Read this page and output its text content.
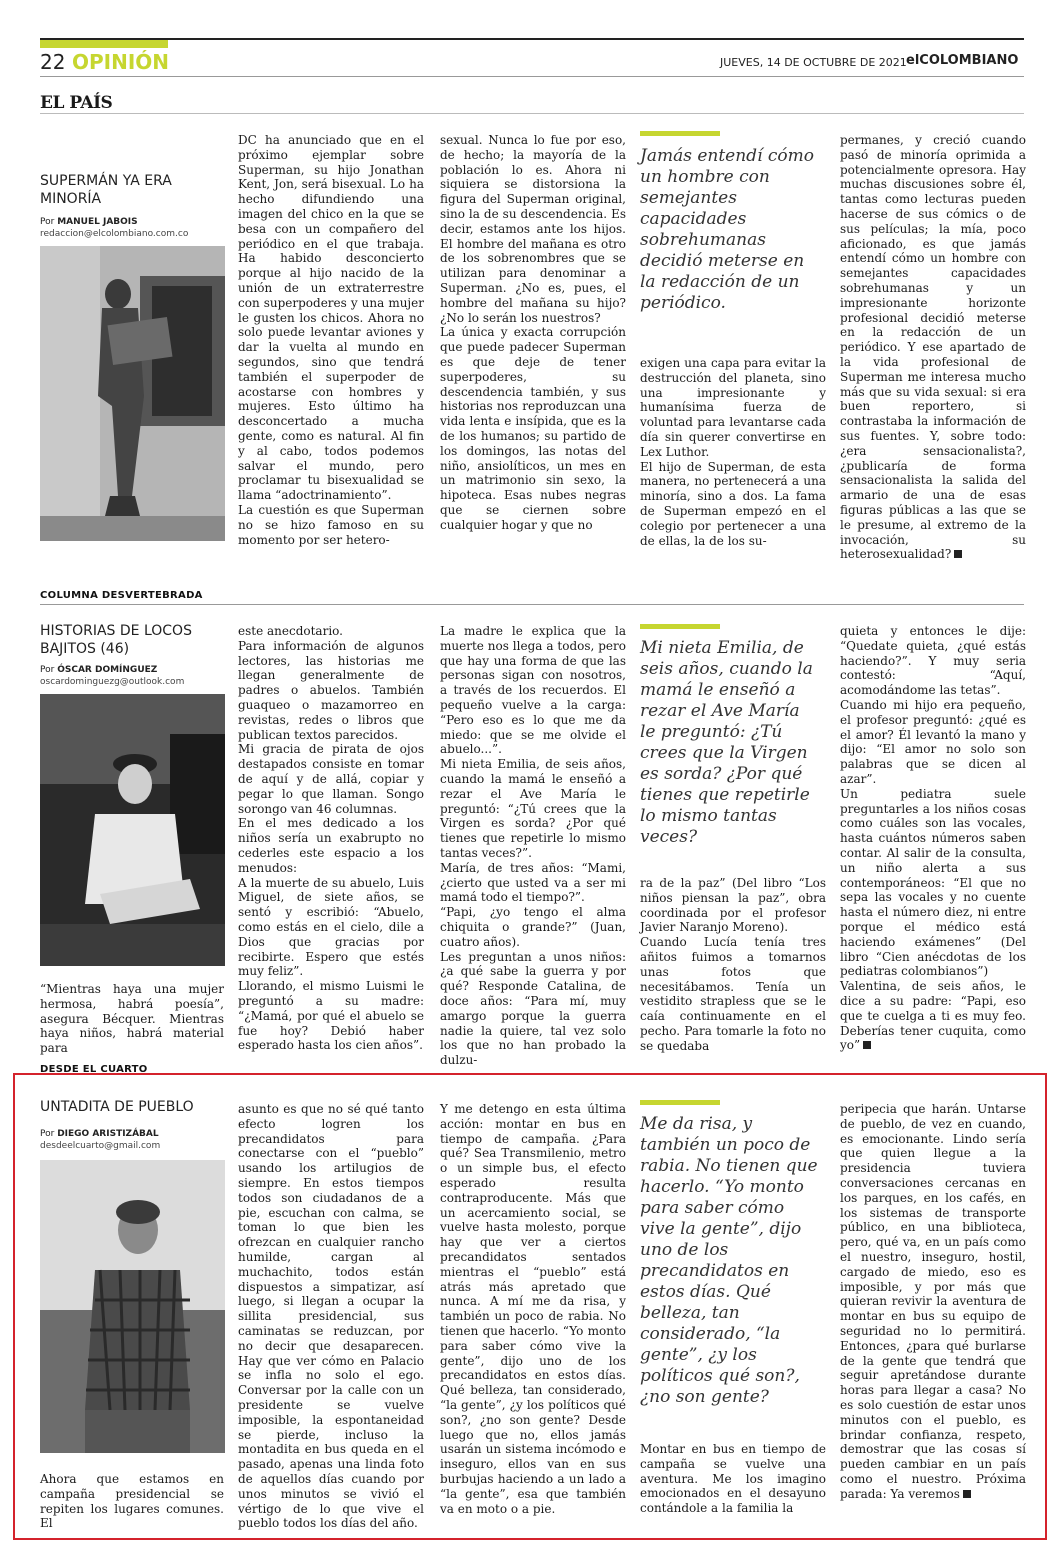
22 OPINIÓN	JUEVES, 14 DE OCTUBRE DE 2021 elCOLOMBIANO
EL PAÍS
SUPERMÁN YA ERA MINORÍA
Por MANUEL JABOIS
redaccion@elcolombiano.com.co
DC ha anunciado que en el próximo ejemplar sobre Superman, su hijo Jonathan Kent, Jon, será bisexual. Lo ha hecho difundiendo una imagen del chico en la que se besa con un compañero del periódico en el que trabaja. Ha habido desconcierto porque al hijo nacido de la unión de un extraterrestre con superpoderes y una mujer le gusten los chicos. Ahora no solo puede levantar aviones y dar la vuelta al mundo en segundos, sino que tendrá también el superpoder de acostarse con hombres y mujeres. Esto último ha desconcertado a mucha gente, como es natural. Al fin y al cabo, todos podemos salvar el mundo, pero proclamar tu bisexualidad se llama “adoctrinamiento”.
La cuestión es que Superman no se hizo famoso en su momento por ser hetero-
sexual. Nunca lo fue por eso, de hecho; la mayoría de la población lo es. Ahora ni siquiera se distorsiona la figura del Superman original, sino la de su descendencia. Es decir, estamos ante los hijos. El hombre del mañana es otro de los sobrenombres que se utilizan para denominar a Superman. ¿No es, pues, el hombre del mañana su hijo? ¿No lo serán los nuestros?
La única y exacta corrupción que puede padecer Superman es que deje de tener superpoderes, su descendencia también, y sus historias nos reproduzcan una vida lenta e insípida, que es la de los humanos; su partido de los domingos, las notas del niño, ansiolíticos, un mes en un matrimonio sin sexo, la hipoteca. Esas nubes negras que se ciernen sobre cualquier hogar y que no
Jamás entendí cómo un hombre con semejantes capacidades sobrehumanas decidió meterse en la redacción de un periódico.
exigen una capa para evitar la destrucción del planeta, sino una impresionante y humanísima fuerza de voluntad para levantarse cada día sin querer convertirse en Lex Luthor.
El hijo de Superman, de esta manera, no pertenecerá a una minoría, sino a dos. La fama de Superman empezó en el colegio por pertenecer a una de ellas, la de los su-
permanes, y creció cuando pasó de minoría oprimida a potencialmente opresora. Hay muchas discusiones sobre él, tantas como lecturas pueden hacerse de sus cómics o de sus películas; la mía, poco aficionado, es que jamás entendí cómo un hombre con semejantes capacidades sobrehumanas y un impresionante horizonte profesional decidió meterse en la redacción de un periódico. Y ese apartado de la vida profesional de Superman me interesa mucho más que su vida sexual: si era buen reportero, si contrastaba la información de sus fuentes. Y, sobre todo: ¿era sensacionalista?, ¿publicaría de forma sensacionalista la salida del armario de una de esas figuras públicas a las que se le presume, al extremo de la invocación, su heterosexualidad?
COLUMNA DESVERTEBRADA
HISTORIAS DE LOCOS BAJITOS (46)
Por ÓSCAR DOMÍNGUEZ
oscardominguezg@outlook.com
“Mientras haya una mujer hermosa, habrá poesía”, asegura Bécquer. Mientras haya niños, habrá material para
este anecdotario.
Para información de algunos lectores, las historias me llegan generalmente de padres o abuelos. También guaqueo o mazamorreo en revistas, redes o libros que publican textos parecidos.
Mi gracia de pirata de ojos destapados consiste en tomar de aquí y de allá, copiar y pegar lo que llaman. Songo sorongo van 46 columnas.
En el mes dedicado a los niños sería un exabrupto no cederles este espacio a los menudos:
A la muerte de su abuelo, Luis Miguel, de siete años, se sentó y escribió: “Abuelo, como estás en el cielo, dile a Dios que gracias por recibirte. Espero que estés muy feliz”.
Llorando, el mismo Luismi le preguntó a su madre: “¿Mamá, por qué el abuelo se fue hoy? Debió haber esperado hasta los cien años”.
La madre le explica que la muerte nos llega a todos, pero que hay una forma de que las personas sigan con nosotros, a través de los recuerdos. El pequeño vuelve a la carga: “Pero eso es lo que me da miedo: que se me olvide el abuelo...”.
Mi nieta Emilia, de seis años, cuando la mamá le enseñó a rezar el Ave María le preguntó: “¿Tú crees que la Virgen es sorda? ¿Por qué tienes que repetirle lo mismo tantas veces?”.
María, de tres años: “Mami, ¿cierto que usted va a ser mi mamá todo el tiempo?”.
“Papi, ¿yo tengo el alma chiquita o grande?” (Juan, cuatro años).
Les preguntan a unos niños: ¿a qué sabe la guerra y por qué? Responde Catalina, de doce años: “Para mí, muy amargo porque la guerra nadie la quiere, tal vez solo los que no han probado la dulzu-
Mi nieta Emilia, de seis años, cuando la mamá le enseñó a rezar el Ave María le preguntó: ¿Tú crees que la Virgen es sorda? ¿Por qué tienes que repetirle lo mismo tantas veces?
ra de la paz” (Del libro “Los niños piensan la paz”, obra coordinada por el profesor Javier Naranjo Moreno).
Cuando Lucía tenía tres añitos fuimos a tomarnos unas fotos que necesitábamos. Tenía un vestidito strapless que se le caía continuamente en el pecho. Para tomarle la foto no se quedaba
quieta y entonces le dije: “Quedate quieta, ¿qué estás haciendo?”. Y muy seria contestó: “Aquí, acomodándome las tetas”.
Cuando mi hijo era pequeño, el profesor preguntó: ¿qué es el amor? Él levantó la mano y dijo: “El amor no solo son palabras que se dicen al azar”.
Un pediatra suele preguntarles a los niños cosas como cuáles son las vocales, hasta cuántos números saben contar. Al salir de la consulta, un niño alerta a sus contemporáneos: “El que no sepa las vocales y no cuente hasta el número diez, ni entre porque el médico está haciendo exámenes” (Del libro “Cien anécdotas de los pediatras colombianos”)
Valentina, de seis años, le dice a su padre: “Papi, eso que te cuelga a ti es muy feo. Deberías tener cuquita, como yo”
DESDE EL CUARTO
UNTADITA DE PUEBLO
Por DIEGO ARISTIZÁBAL
desdeelcuarto@gmail.com
Ahora que estamos en campaña presidencial se repiten los lugares comunes. El
asunto es que no sé qué tanto efecto logren los precandidatos para conectarse con el “pueblo” usando los artilugios de siempre. En estos tiempos todos son ciudadanos de a pie, escuchan con calma, se toman lo que bien les ofrezcan en cualquier rancho humilde, cargan al muchachito, todos están dispuestos a simpatizar, así luego, si llegan a ocupar la sillita presidencial, sus caminatas se reduzcan, por no decir que desaparecen. Hay que ver cómo en Palacio se infla no solo el ego. Conversar por la calle con un presidente se vuelve imposible, la espontaneidad se pierde, incluso la montadita en bus queda en el pasado, apenas una linda foto de aquellos días cuando por unos minutos se vivió el vértigo de lo que vive el pueblo todos los días del año.
Y me detengo en esta última acción: montar en bus en tiempo de campaña. ¿Para qué? Sea Transmilenio, metro o un simple bus, el efecto esperado resulta contraproducente. Más que un acercamiento social, se vuelve hasta molesto, porque hay que ver a ciertos precandidatos sentados mientras el “pueblo” está atrás más apretado que nunca. A mí me da risa, y también un poco de rabia. No tienen que hacerlo. “Yo monto para saber cómo vive la gente”, dijo uno de los precandidatos en estos días. Qué belleza, tan considerado, “la gente”, ¿y los políticos qué son?, ¿no son gente? Desde luego que no, ellos jamás usarán un sistema incómodo e inseguro, ellos van en sus burbujas haciendo a un lado a “la gente”, esa que también va en moto o a pie.
Me da risa, y también un poco de rabia. No tienen que hacerlo. “Yo monto para saber cómo vive la gente”, dijo uno de los precandidatos en estos días. Qué belleza, tan considerado, “la gente”, ¿y los políticos qué son?, ¿no son gente?
Montar en bus en tiempo de campaña se vuelve una aventura. Me los imagino emocionados en el desayuno contándole a la familia la
peripecia que harán. Untarse de pueblo, de vez en cuando, es emocionante. Lindo sería que quien llegue a la presidencia tuviera conversaciones cercanas en los parques, en los cafés, en los sistemas de transporte público, en una biblioteca, pero, qué va, en un país como el nuestro, inseguro, hostil, cargado de miedo, eso es imposible, y por más que quieran revivir la aventura de montar en bus su equipo de seguridad no lo permitirá. Entonces, ¿para qué burlarse de la gente que tendrá que seguir apretándose durante horas para llegar a casa? No es solo cuestión de estar unos minutos con el pueblo, es brindar confianza, respeto, demostrar que las cosas sí pueden cambiar en un país como el nuestro. Próxima parada: Ya veremos
